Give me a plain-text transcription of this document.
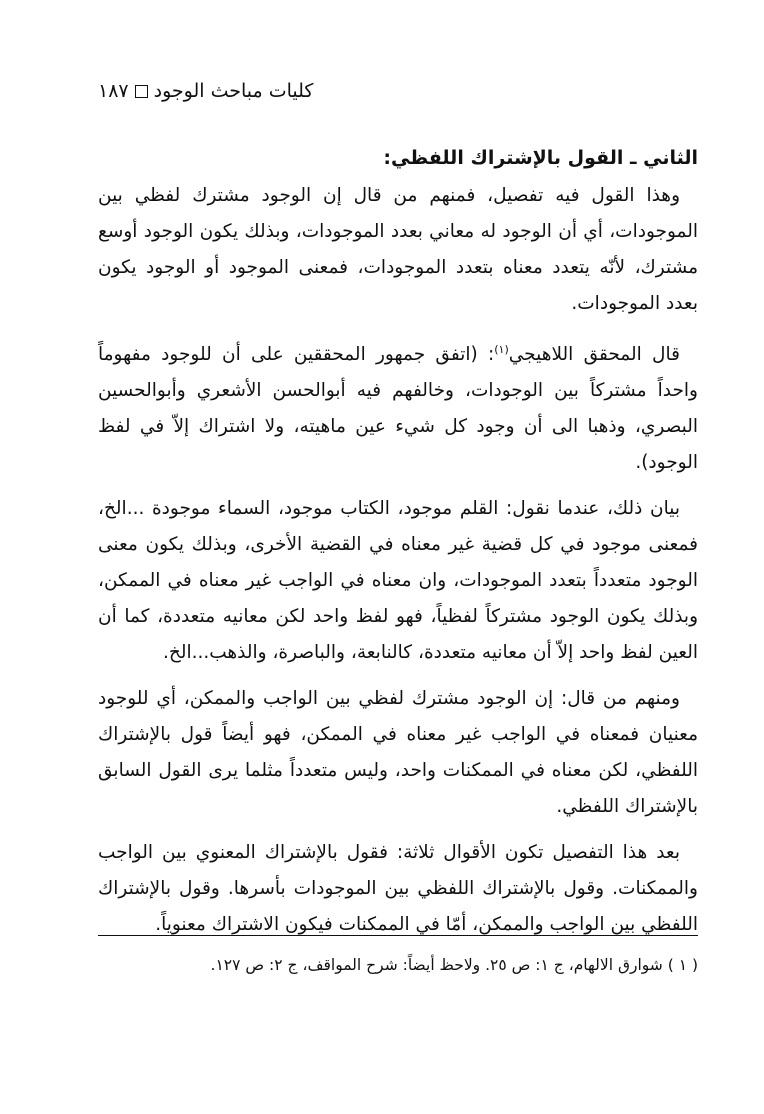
كليات مباحث الوجود
١٨٧

الثاني ـ القول بالإشتراك اللفظي:

وهذا القول فيه تفصيل، فمنهم من قال إن الوجود مشترك لفظي بين الموجودات، أي أن الوجود له معاني بعدد الموجودات، وبذلك يكون الوجود أوسع مشترك، لأنّه يتعدد معناه بتعدد الموجودات، فمعنى الموجود أو الوجود يكون بعدد الموجودات.

قال المحقق اللاهيجي$^{(١)}$: (اتفق جمهور المحققين على أن للوجود مفهوماً واحداً مشتركاً بين الوجودات، وخالفهم فيه أبوالحسن الأشعري وأبوالحسين البصري، وذهبا الى أن وجود كل شيء عين ماهيته، ولا اشتراك إلاّ في لفظ الوجود).

بيان ذلك، عندما نقول: القلم موجود، الكتاب موجود، السماء موجودة ...الخ، فمعنى موجود في كل قضية غير معناه في القضية الأخرى، وبذلك يكون معنى الوجود متعدداً بتعدد الموجودات، وان معناه في الواجب غير معناه في الممكن، وبذلك يكون الوجود مشتركاً لفظياً، فهو لفظ واحد لكن معانيه متعددة، كما أن العين لفظ واحد إلاّ أن معانيه متعددة، كالنابعة، والباصرة، والذهب...الخ.

ومنهم من قال: إن الوجود مشترك لفظي بين الواجب والممكن، أي للوجود معنيان فمعناه في الواجب غير معناه في الممكن، فهو أيضاً قول بالإشتراك اللفظي، لكن معناه في الممكنات واحد، وليس متعدداً مثلما يرى القول السابق بالإشتراك اللفظي.

بعد هذا التفصيل تكون الأقوال ثلاثة: فقول بالإشتراك المعنوي بين الواجب والممكنات. وقول بالإشتراك اللفظي بين الموجودات بأسرها. وقول بالإشتراك اللفظي بين الواجب والممكن، أمّا في الممكنات فيكون الاشتراك معنوياً.

( ١ ) شوارق الالهام، ج ١: ص ٢٥. ولاحظ أيضاً: شرح المواقف، ج ٢: ص ١٢٧.
